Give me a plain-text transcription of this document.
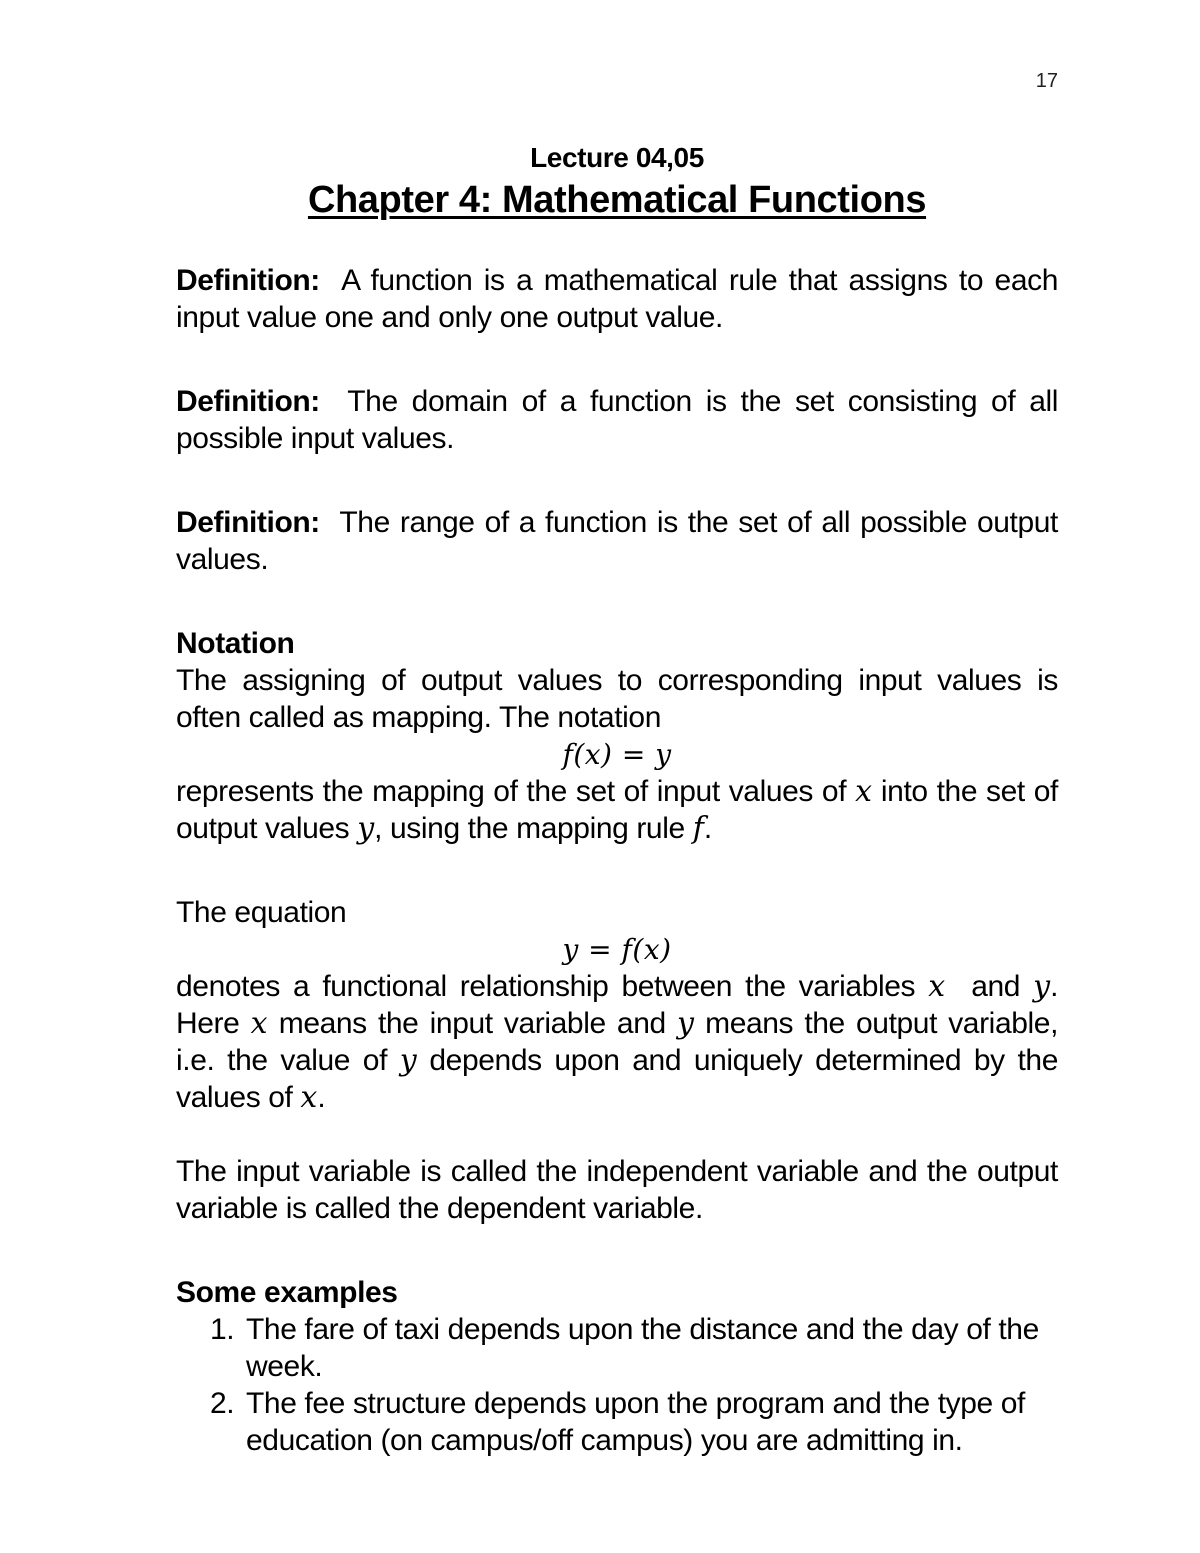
17
Lecture 04,05
Chapter 4: Mathematical Functions

Definition: A function is a mathematical rule that assigns to each input value one and only one output value.

Definition: The domain of a function is the set consisting of all possible input values.

Definition: The range of a function is the set of all possible output values.

Notation

The assigning of output values to corresponding input values is often called as mapping. The notation

f(x) = y

represents the mapping of the set of input values of x into the set of output values y, using the mapping rule f.

The equation

y = f(x)

denotes a functional relationship between the variables x and y. Here x means the input variable and y means the output variable, i.e. the value of y depends upon and uniquely determined by the values of x.

The input variable is called the independent variable and the output variable is called the dependent variable.

Some examples
1. The fare of taxi depends upon the distance and the day of the week.
2. The fee structure depends upon the program and the type of education (on campus/off campus) you are admitting in.
